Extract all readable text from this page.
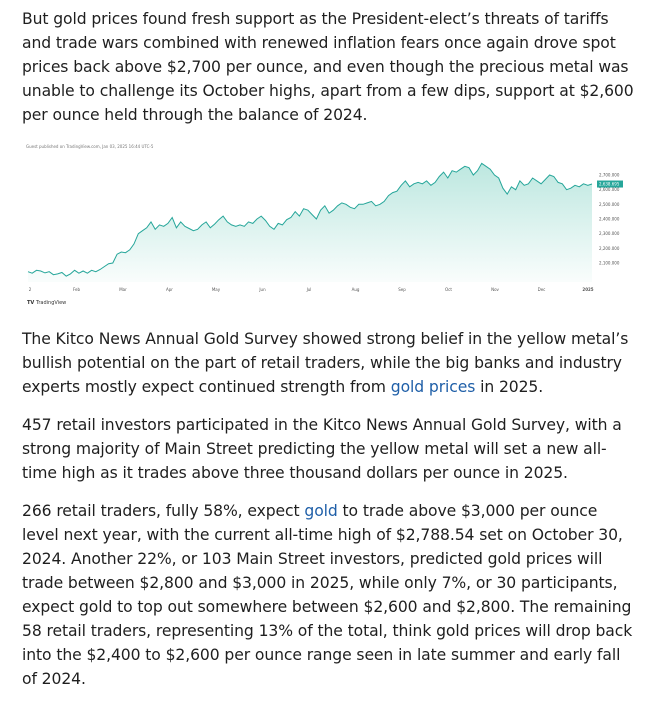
But gold prices found fresh support as the President-elect’s threats of tariffs and trade wars combined with renewed inflation fears once again drove spot prices back above $2,700 per ounce, and even though the precious metal was unable to challenge its October highs, apart from a few dips, support at $2,600 per ounce held through the balance of 2024.

Guest published on TradingView.com, Jan 03, 2025 16:44 UTC-5
2,100.000
2,200.000
2,300.000
2,400.000
2,500.000
2,600.000
2,700.000
2,638.695
2	Feb	Mar	Apr	May	Jun	Jul	Aug	Sep	Oct	Nov	Dec	2025
TV TradingView

The Kitco News Annual Gold Survey showed strong belief in the yellow metal’s bullish potential on the part of retail traders, while the big banks and industry experts mostly expect continued strength from gold prices in 2025.

457 retail investors participated in the Kitco News Annual Gold Survey, with a strong majority of Main Street predicting the yellow metal will set a new all-time high as it trades above three thousand dollars per ounce in 2025.

266 retail traders, fully 58%, expect gold to trade above $3,000 per ounce level next year, with the current all-time high of $2,788.54 set on October 30, 2024. Another 22%, or 103 Main Street investors, predicted gold prices will trade between $2,800 and $3,000 in 2025, while only 7%, or 30 participants, expect gold to top out somewhere between $2,600 and $2,800. The remaining 58 retail traders, representing 13% of the total, think gold prices will drop back into the $2,400 to $2,600 per ounce range seen in late summer and early fall of 2024.
